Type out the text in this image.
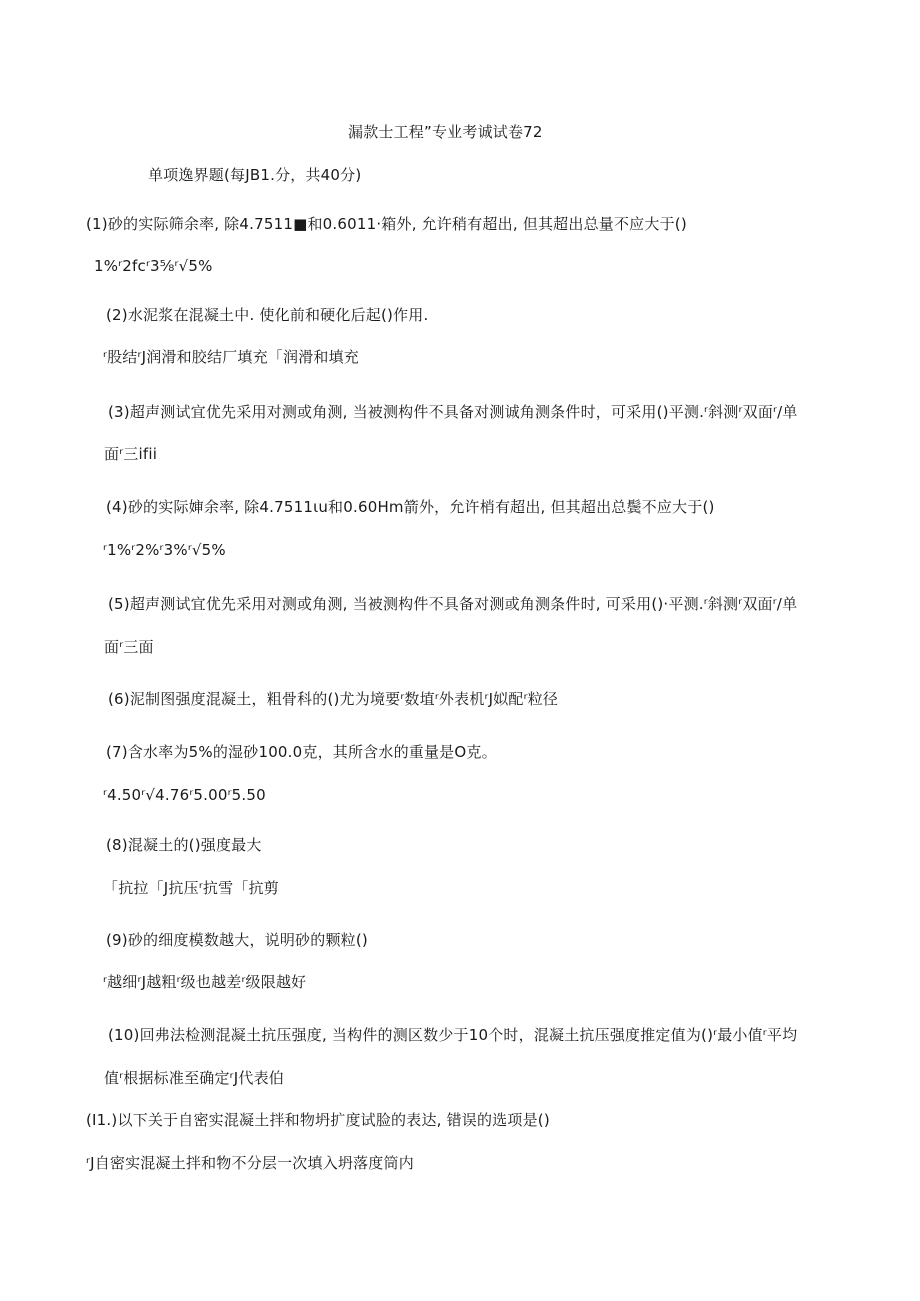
漏款士工程”专业考诚试卷72
单项逸界题(每JB1.分，共40分)
(1)砂的实际筛余率, 除4.7511■和0.6011·箱外, 允许稍有超出, 但其超出总量不应大于()
1%ʳ2fcʳ3⅝ʳ√5%
(2)水泥浆在混凝土中. 使化前和硬化后起()作用.
ʳ股结ʳJ润滑和胶结厂填充「润滑和填充
(3)超声测试宜优先采用对测或角测, 当被测构件不具备对测诚角测条件时，可采用()平测.ʳ斜测ʳ双面ʳ/单
面ʳ三ifii
(4)砂的实际婶余率, 除4.7511ιu和0.60Hm箭外，允许梢有超出, 但其超出总鬓不应大于()
ʳ1%ʳ2%ʳ3%ʳ√5%
(5)超声测试宜优先采用对测或角测, 当被测构件不具备对测或角测条件时, 可采用()·平测.ʳ斜测ʳ双面ʳ/单
面ʳ三面
(6)泥制图强度混凝土，粗骨科的()尤为境要ʳ数埴ʳ外表机ʳJ姒配ʳ粒径
(7)含水率为5%的湿砂100.0克，其所含水的重量是O克。
ʳ4.50ʳ√4.76ʳ5.00ʳ5.50
(8)混凝土的()强度最大
「抗拉「J抗压ʳ抗雪「抗剪
(9)砂的细度模数越大，说明砂的颗粒()
ʳ越细ʳJ越粗ʳ级也越差ʳ级限越好
(10)回弗法检测混凝土抗压强度, 当构件的测区数少于10个时，混凝土抗压强度推定值为()ʳ最小值ʳ平均
值ʳ根据标准至确定ʳJ代表伯
(I1.)以下关于自密实混凝土拌和物坍扩度试脸的表达, 错误的选项是()
ʳJ自密实混凝土拌和物不分层一次填入坍落度筒内
